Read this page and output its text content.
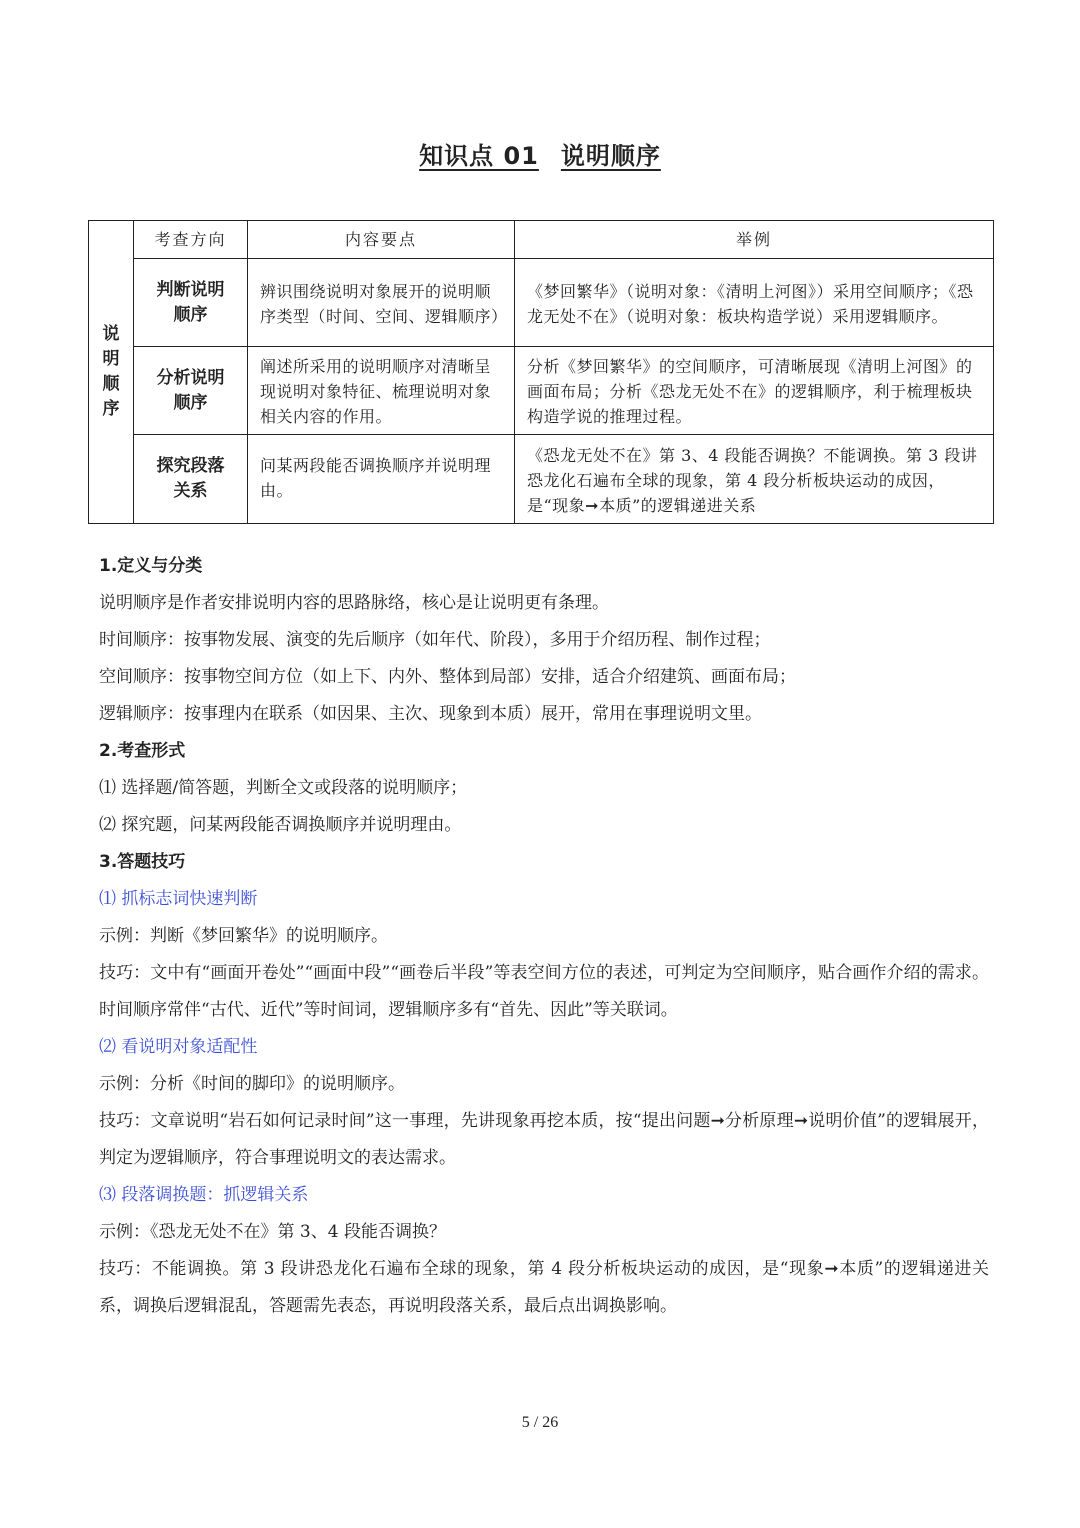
知识点 01 说明顺序
说
明
顺
序	考查方向	内容要点	举例

	判断说明
顺序	辨识围绕说明对象展开的说明顺序类型（时间、空间、逻辑顺序）	《梦回繁华》（说明对象：《清明上河图》）采用空间顺序；《恐龙无处不在》（说明对象：板块构造学说）采用逻辑顺序。

	分析说明
顺序	阐述所采用的说明顺序对清晰呈现说明对象特征、梳理说明对象相关内容的作用。	分析《梦回繁华》的空间顺序，可清晰展现《清明上河图》的画面布局；分析《恐龙无处不在》的逻辑顺序，利于梳理板块构造学说的推理过程。

	探究段落
关系	问某两段能否调换顺序并说明理由。	《恐龙无处不在》第 3、4 段能否调换？不能调换。第 3 段讲恐龙化石遍布全球的现象，第 4 段分析板块运动的成因，是“现象➞本质”的逻辑递进关系

1.定义与分类

说明顺序是作者安排说明内容的思路脉络，核心是让说明更有条理。

时间顺序：按事物发展、演变的先后顺序（如年代、阶段），多用于介绍历程、制作过程；

空间顺序：按事物空间方位（如上下、内外、整体到局部）安排，适合介绍建筑、画面布局；

逻辑顺序：按事理内在联系（如因果、主次、现象到本质）展开，常用在事理说明文里。

2.考查形式

⑴ 选择题/简答题，判断全文或段落的说明顺序；

⑵ 探究题，问某两段能否调换顺序并说明理由。

3.答题技巧

⑴ 抓标志词快速判断

示例：判断《梦回繁华》的说明顺序。

技巧：文中有“画面开卷处”“画面中段”“画卷后半段”等表空间方位的表述，可判定为空间顺序，贴合画作介绍的需求。时间顺序常伴“古代、近代”等时间词，逻辑顺序多有“首先、因此”等关联词。

⑵ 看说明对象适配性

示例：分析《时间的脚印》的说明顺序。

技巧：文章说明“岩石如何记录时间”这一事理，先讲现象再挖本质，按“提出问题➞分析原理➞说明价值”的逻辑展开，判定为逻辑顺序，符合事理说明文的表达需求。

⑶ 段落调换题：抓逻辑关系

示例：《恐龙无处不在》第 3、4 段能否调换？

技巧：不能调换。第 3 段讲恐龙化石遍布全球的现象，第 4 段分析板块运动的成因，是“现象➞本质”的逻辑递进关系，调换后逻辑混乱，答题需先表态，再说明段落关系，最后点出调换影响。

5 / 26
